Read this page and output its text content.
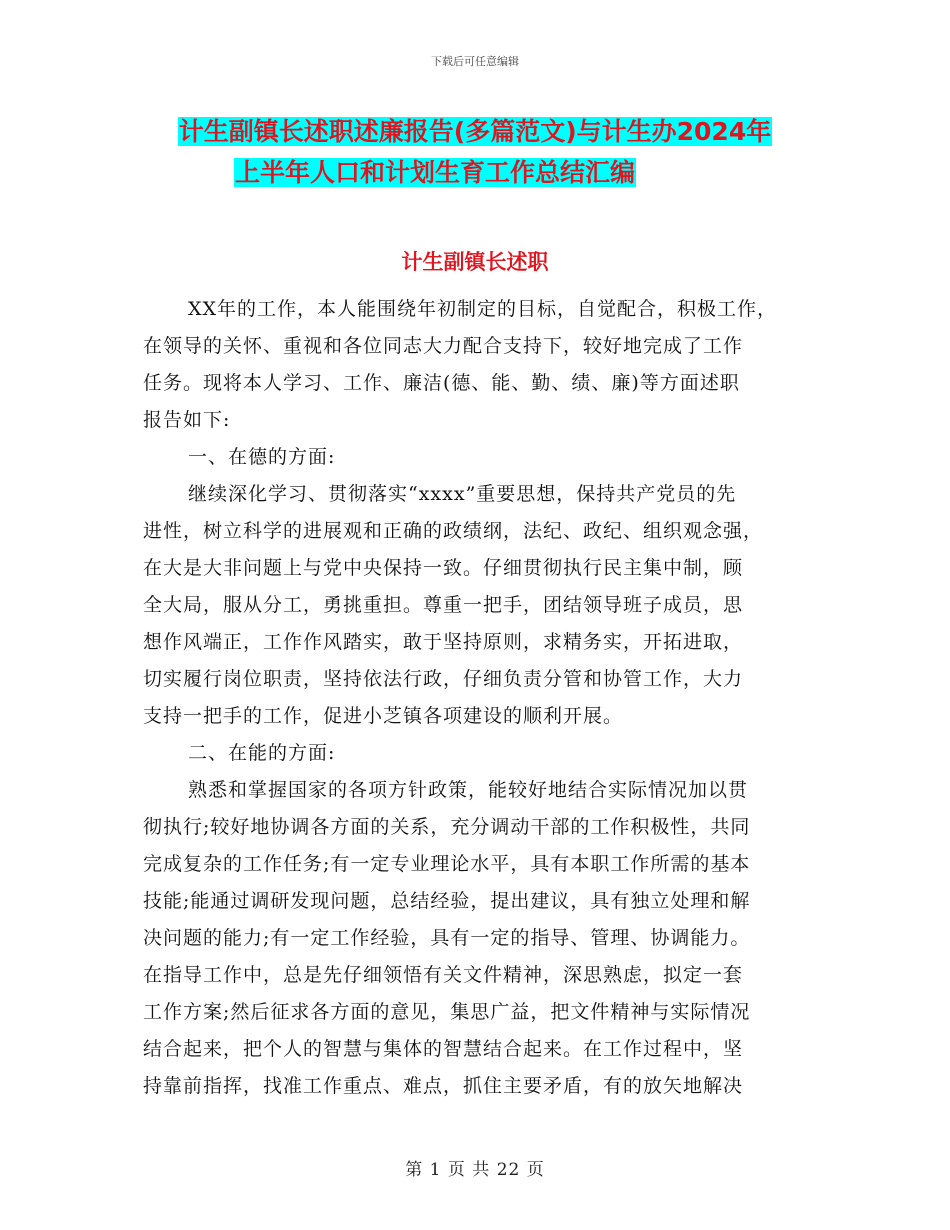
下载后可任意编辑
计生副镇长述职述廉报告(多篇范文)与计生办2024年
上半年人口和计划生育工作总结汇编
计生副镇长述职
XX年的工作，本人能围绕年初制定的目标，自觉配合，积极工作，
在领导的关怀、重视和各位同志大力配合支持下，较好地完成了工作
任务。现将本人学习、工作、廉洁(德、能、勤、绩、廉)等方面述职
报告如下:
一、在德的方面:
继续深化学习、贯彻落实“xxxx”重要思想，保持共产党员的先
进性，树立科学的进展观和正确的政绩纲，法纪、政纪、组织观念强，
在大是大非问题上与党中央保持一致。仔细贯彻执行民主集中制，顾
全大局，服从分工，勇挑重担。尊重一把手，团结领导班子成员，思
想作风端正，工作作风踏实，敢于坚持原则，求精务实，开拓进取，
切实履行岗位职责，坚持依法行政，仔细负责分管和协管工作，大力
支持一把手的工作，促进小芝镇各项建设的顺利开展。
二、在能的方面:
熟悉和掌握国家的各项方针政策，能较好地结合实际情况加以贯
彻执行;较好地协调各方面的关系，充分调动干部的工作积极性，共同
完成复杂的工作任务;有一定专业理论水平，具有本职工作所需的基本
技能;能通过调研发现问题，总结经验，提出建议，具有独立处理和解
决问题的能力;有一定工作经验，具有一定的指导、管理、协调能力。
在指导工作中，总是先仔细领悟有关文件精神，深思熟虑，拟定一套
工作方案;然后征求各方面的意见，集思广益，把文件精神与实际情况
结合起来，把个人的智慧与集体的智慧结合起来。在工作过程中，坚
持靠前指挥，找准工作重点、难点，抓住主要矛盾，有的放矢地解决
第 1 页 共 22 页
